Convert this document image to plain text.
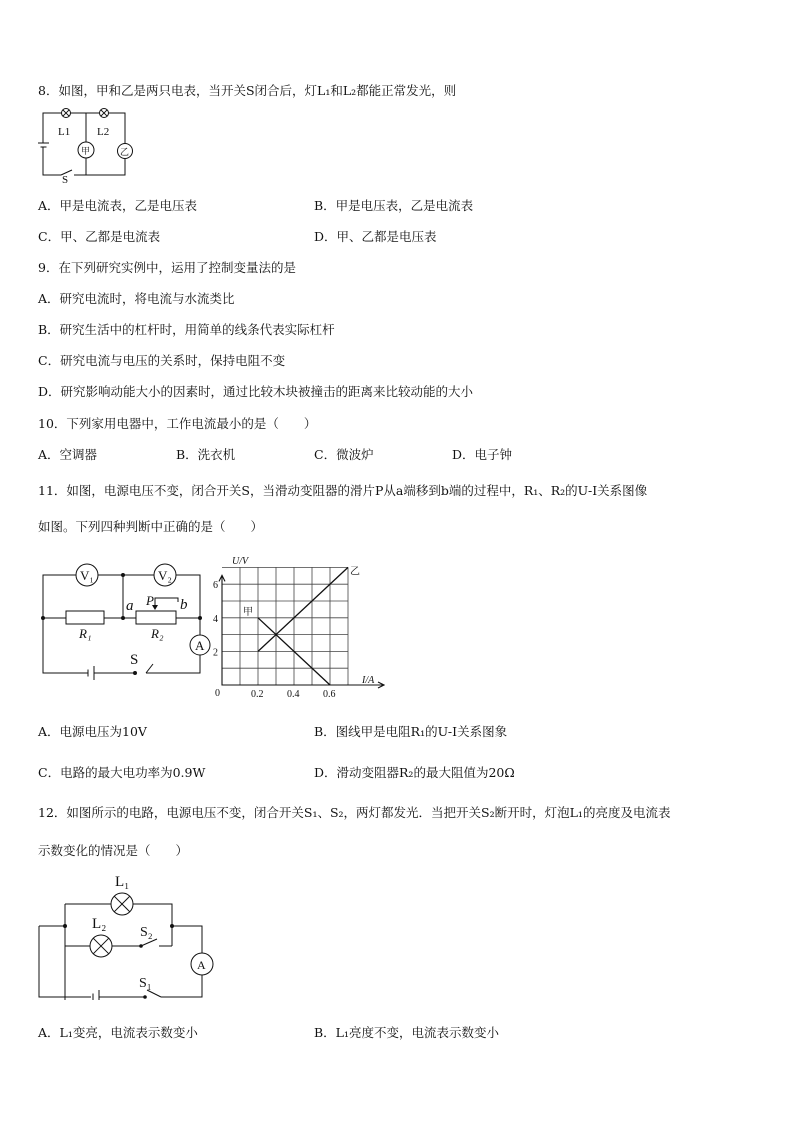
8．如图，甲和乙是两只电表，当开关S闭合后，灯L₁和L₂都能正常发光，则
L1 L2
甲	乙
S
A．甲是电流表，乙是电压表	B．甲是电压表，乙是电流表
C．甲、乙都是电流表	D．甲、乙都是电压表
9．在下列研究实例中，运用了控制变量法的是
A．研究电流时，将电流与水流类比
B．研究生活中的杠杆时，用简单的线条代表实际杠杆
C．研究电流与电压的关系时，保持电阻不变
D．研究影响动能大小的因素时，通过比较木块被撞击的距离来比较动能的大小
10．下列家用电器中，工作电流最小的是（　　）
A．空调器	B．洗衣机	C．微波炉	D．电子钟
11．如图，电源电压不变，闭合开关S，当滑动变阻器的滑片P从a端移到b端的过程中，R₁、R₂的U-I关系图像
如图。下列四种判断中正确的是（　　）
V₁	V₂
a P b
R₁	R₂
A
S
甲
乙
0.2 0.4 0.6
2
4
6
U/V
I/A
0
A．电源电压为10V	B．图线甲是电阻R₁的U-I关系图象
C．电路的最大电功率为0.9W	D．滑动变阻器R₂的最大阻值为20Ω
12．如图所示的电路，电源电压不变，闭合开关S₁、S₂，两灯都发光．当把开关S₂断开时，灯泡L₁的亮度及电流表
示数变化的情况是（　　）
L₁
L₂
S₂
A
S₁
A．L₁变亮，电流表示数变小	B．L₁亮度不变，电流表示数变小
